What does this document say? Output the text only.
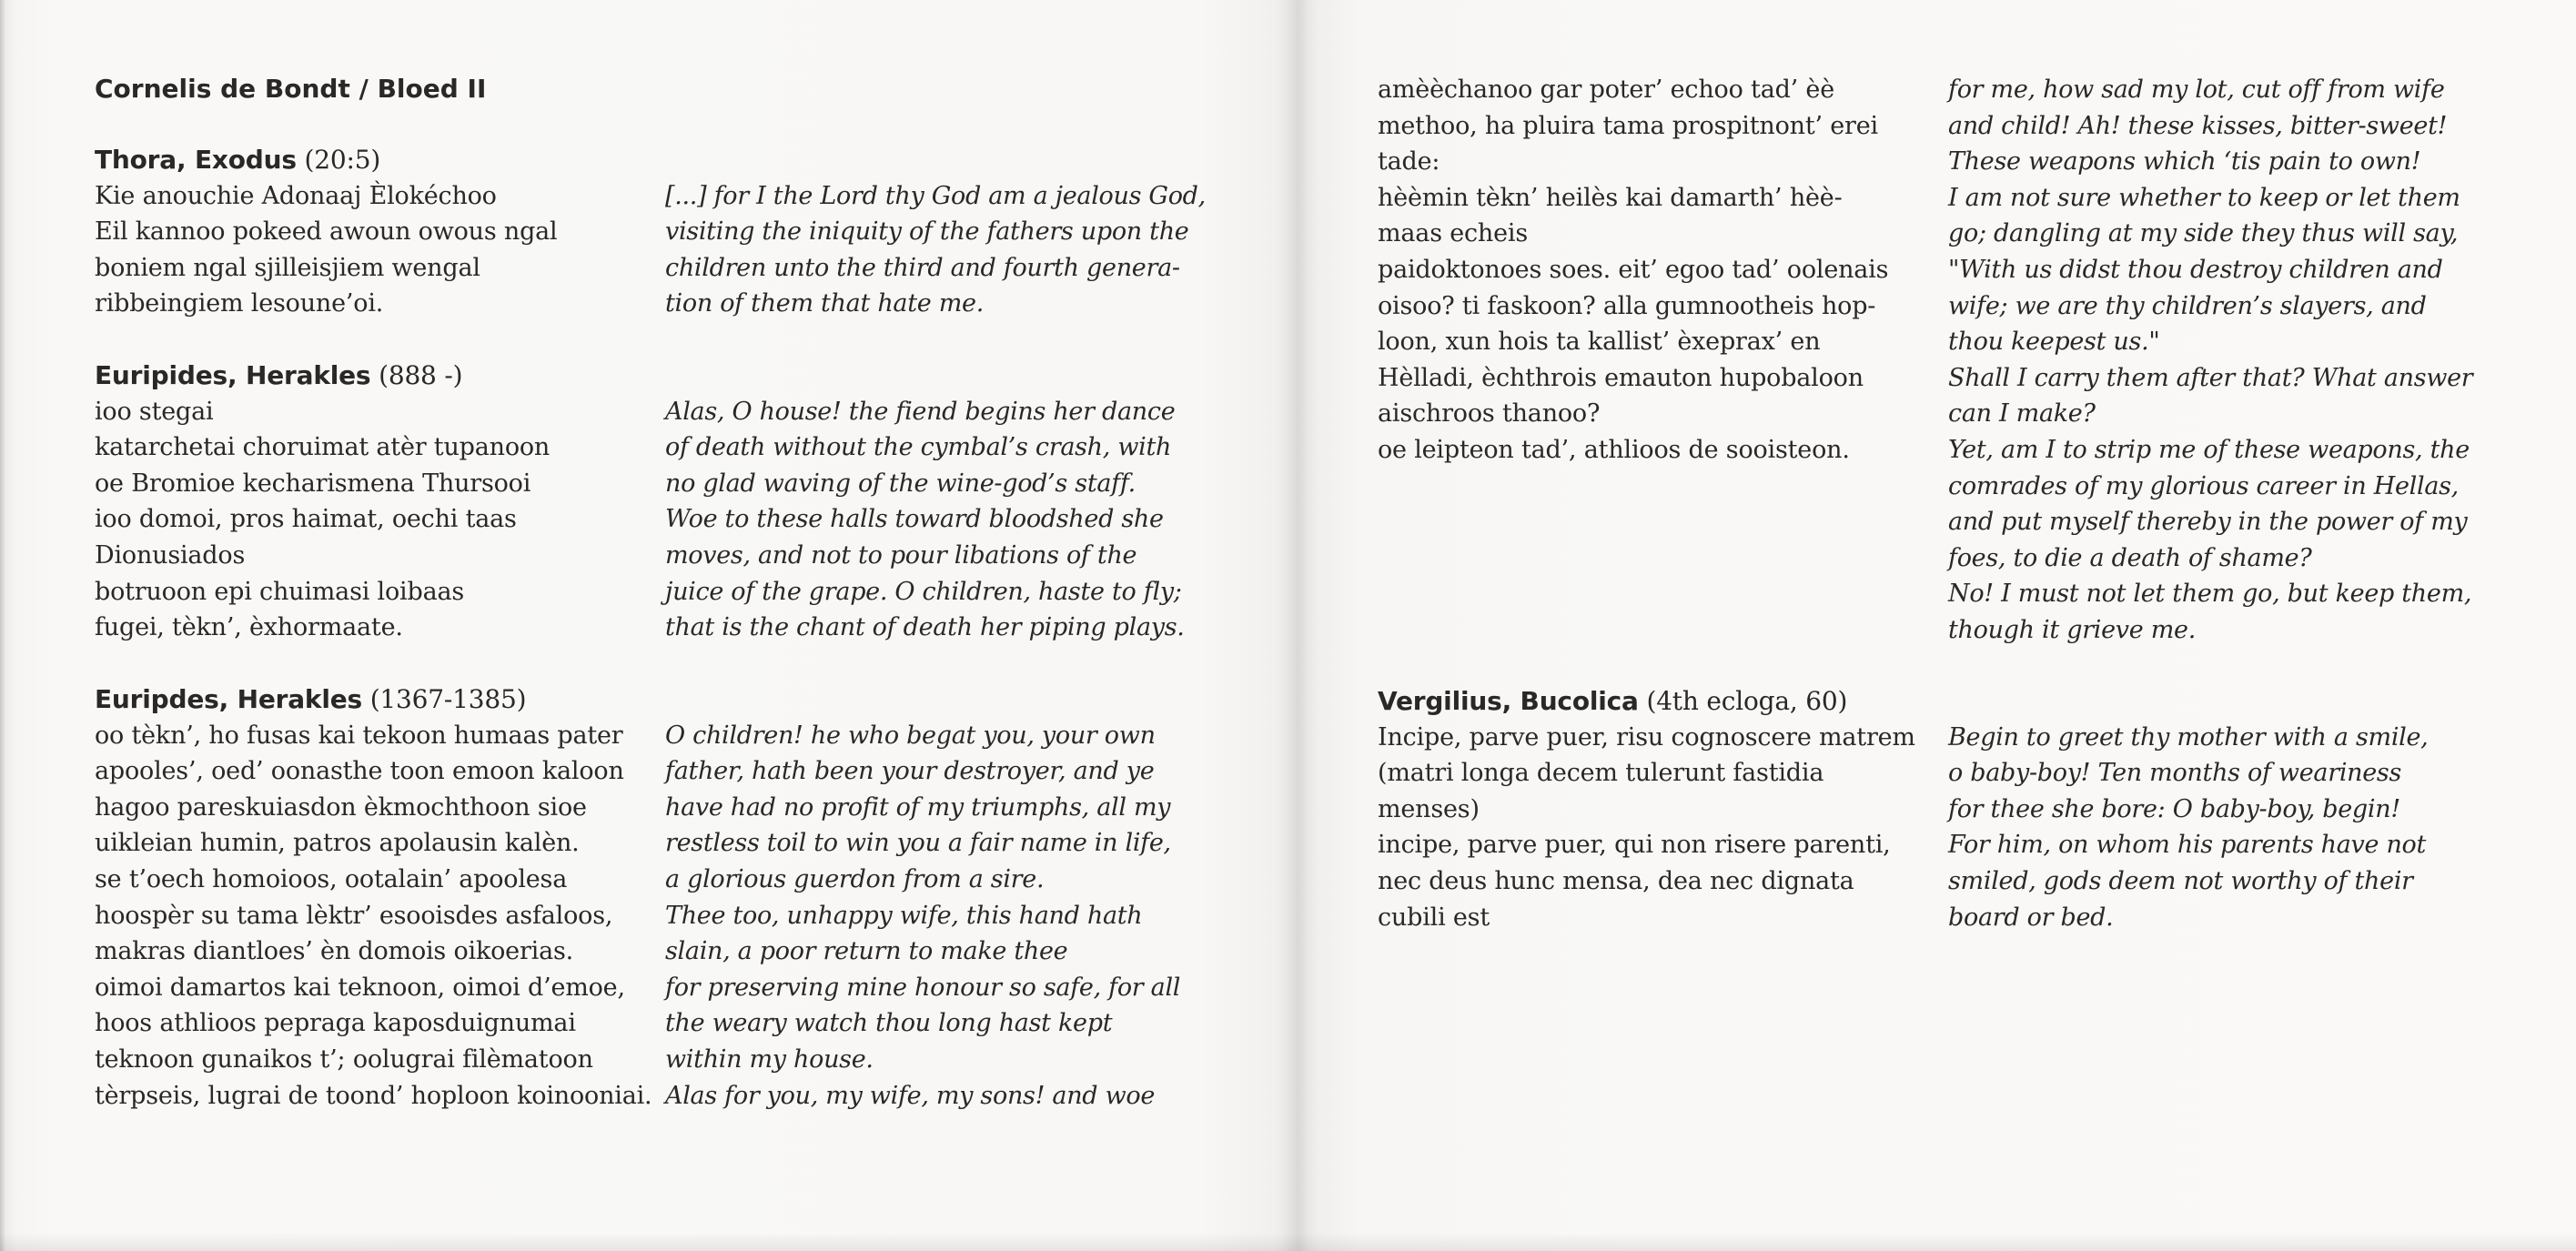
Cornelis de Bondt / Bloed II
Thora, Exodus (20:5)
Kie anouchie Adonaaj Èlokéchoo
Eil kannoo pokeed awoun owous ngal
boniem ngal sjilleisjiem wengal
ribbeingiem lesoune’oi.
[...] for I the Lord thy God am a jealous God,
visiting the iniquity of the fathers upon the
children unto the third and fourth genera-
tion of them that hate me.
Euripides, Herakles (888 -)
ioo stegai
katarchetai choruimat atèr tupanoon
oe Bromioe kecharismena Thursooi
ioo domoi, pros haimat, oechi taas
Dionusiados
botruoon epi chuimasi loibaas
fugei, tèkn’, èxhormaate.
Alas, O house! the fiend begins her dance
of death without the cymbal’s crash, with
no glad waving of the wine-god’s staff.
Woe to these halls toward bloodshed she
moves, and not to pour libations of the
juice of the grape. O children, haste to fly;
that is the chant of death her piping plays.
Euripdes, Herakles (1367-1385)
oo tèkn’, ho fusas kai tekoon humaas pater
apooles’, oed’ oonasthe toon emoon kaloon
hagoo pareskuiasdon èkmochthoon sioe
uikleian humin, patros apolausin kalèn.
se t’oech homoioos, ootalain’ apoolesa
hoospèr su tama lèktr’ esooisdes asfaloos,
makras diantloes’ èn domois oikoerias.
oimoi damartos kai teknoon, oimoi d’emoe,
hoos athlioos pepraga kaposduignumai
teknoon gunaikos t’; oolugrai filèmatoon
tèrpseis, lugrai de toond’ hoploon koinooniai.
O children! he who begat you, your own
father, hath been your destroyer, and ye
have had no profit of my triumphs, all my
restless toil to win you a fair name in life,
a glorious guerdon from a sire.
Thee too, unhappy wife, this hand hath
slain, a poor return to make thee
for preserving mine honour so safe, for all
the weary watch thou long hast kept
within my house.
Alas for you, my wife, my sons! and woe
amèèchanoo gar poter’ echoo tad’ èè
methoo, ha pluira tama prospitnont’ erei
tade:
hèèmin tèkn’ heilès kai damarth’ hèè-
maas echeis
paidoktonoes soes. eit’ egoo tad’ oolenais
oisoo? ti faskoon? alla gumnootheis hop-
loon, xun hois ta kallist’ èxeprax’ en
Hèlladi, èchthrois emauton hupobaloon
aischroos thanoo?
oe leipteon tad’, athlioos de sooisteon.
for me, how sad my lot, cut off from wife
and child! Ah! these kisses, bitter-sweet!
These weapons which ‘tis pain to own!
I am not sure whether to keep or let them
go; dangling at my side they thus will say,
"With us didst thou destroy children and
wife; we are thy children’s slayers, and
thou keepest us."
Shall I carry them after that? What answer
can I make?
Yet, am I to strip me of these weapons, the
comrades of my glorious career in Hellas,
and put myself thereby in the power of my
foes, to die a death of shame?
No! I must not let them go, but keep them,
though it grieve me.
Vergilius, Bucolica (4th ecloga, 60)
Incipe, parve puer, risu cognoscere matrem
(matri longa decem tulerunt fastidia
menses)
incipe, parve puer, qui non risere parenti,
nec deus hunc mensa, dea nec dignata
cubili est
Begin to greet thy mother with a smile,
o baby-boy! Ten months of weariness
for thee she bore: O baby-boy, begin!
For him, on whom his parents have not
smiled, gods deem not worthy of their
board or bed.
